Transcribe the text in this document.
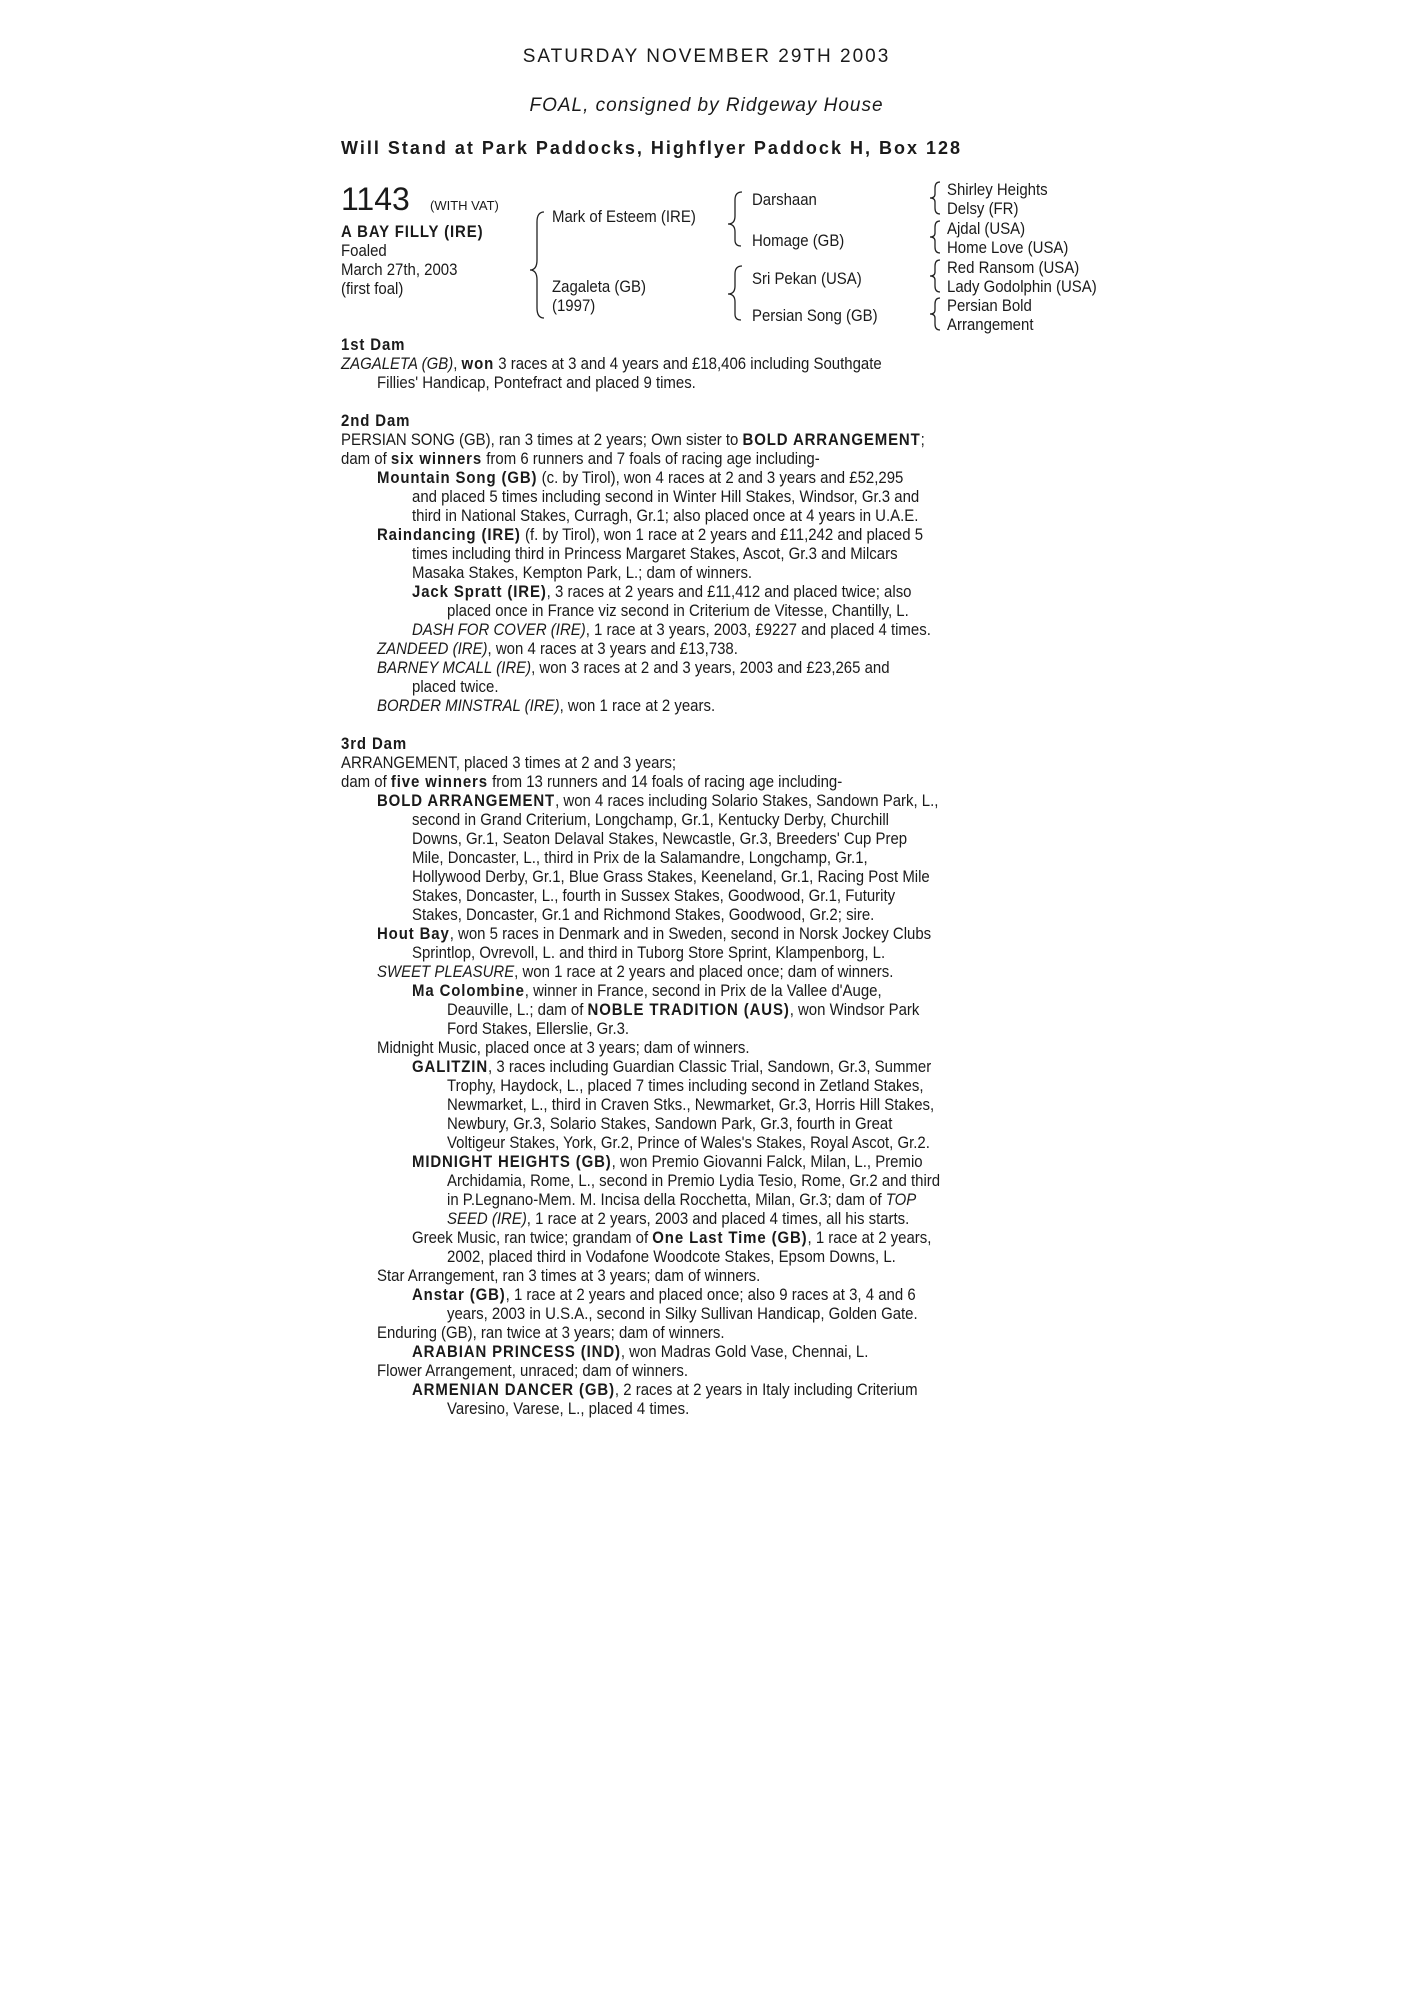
SATURDAY NOVEMBER 29TH 2003
FOAL, consigned by Ridgeway House
Will Stand at Park Paddocks, Highflyer Paddock H, Box 128
1143 (WITH VAT)
A BAY FILLY (IRE)
Foaled
March 27th, 2003
(first foal)
Mark of Esteem (IRE)
Zagaleta (GB)
(1997)
Darshaan
Homage (GB)
Sri Pekan (USA)
Persian Song (GB)
Shirley Heights
Delsy (FR)
Ajdal (USA)
Home Love (USA)
Red Ransom (USA)
Lady Godolphin (USA)
Persian Bold
Arrangement
1st Dam
ZAGALETA (GB), won 3 races at 3 and 4 years and £18,406 including Southgate
Fillies' Handicap, Pontefract and placed 9 times.
2nd Dam
PERSIAN SONG (GB), ran 3 times at 2 years; Own sister to BOLD ARRANGEMENT;
dam of six winners from 6 runners and 7 foals of racing age including-
Mountain Song (GB) (c. by Tirol), won 4 races at 2 and 3 years and £52,295
and placed 5 times including second in Winter Hill Stakes, Windsor, Gr.3 and
third in National Stakes, Curragh, Gr.1; also placed once at 4 years in U.A.E.
Raindancing (IRE) (f. by Tirol), won 1 race at 2 years and £11,242 and placed 5
times including third in Princess Margaret Stakes, Ascot, Gr.3 and Milcars
Masaka Stakes, Kempton Park, L.; dam of winners.
Jack Spratt (IRE), 3 races at 2 years and £11,412 and placed twice; also
placed once in France viz second in Criterium de Vitesse, Chantilly, L.
DASH FOR COVER (IRE), 1 race at 3 years, 2003, £9227 and placed 4 times.
ZANDEED (IRE), won 4 races at 3 years and £13,738.
BARNEY MCALL (IRE), won 3 races at 2 and 3 years, 2003 and £23,265 and
placed twice.
BORDER MINSTRAL (IRE), won 1 race at 2 years.
3rd Dam
ARRANGEMENT, placed 3 times at 2 and 3 years;
dam of five winners from 13 runners and 14 foals of racing age including-
BOLD ARRANGEMENT, won 4 races including Solario Stakes, Sandown Park, L.,
second in Grand Criterium, Longchamp, Gr.1, Kentucky Derby, Churchill
Downs, Gr.1, Seaton Delaval Stakes, Newcastle, Gr.3, Breeders' Cup Prep
Mile, Doncaster, L., third in Prix de la Salamandre, Longchamp, Gr.1,
Hollywood Derby, Gr.1, Blue Grass Stakes, Keeneland, Gr.1, Racing Post Mile
Stakes, Doncaster, L., fourth in Sussex Stakes, Goodwood, Gr.1, Futurity
Stakes, Doncaster, Gr.1 and Richmond Stakes, Goodwood, Gr.2; sire.
Hout Bay, won 5 races in Denmark and in Sweden, second in Norsk Jockey Clubs
Sprintlop, Ovrevoll, L. and third in Tuborg Store Sprint, Klampenborg, L.
SWEET PLEASURE, won 1 race at 2 years and placed once; dam of winners.
Ma Colombine, winner in France, second in Prix de la Vallee d'Auge,
Deauville, L.; dam of NOBLE TRADITION (AUS), won Windsor Park
Ford Stakes, Ellerslie, Gr.3.
Midnight Music, placed once at 3 years; dam of winners.
GALITZIN, 3 races including Guardian Classic Trial, Sandown, Gr.3, Summer
Trophy, Haydock, L., placed 7 times including second in Zetland Stakes,
Newmarket, L., third in Craven Stks., Newmarket, Gr.3, Horris Hill Stakes,
Newbury, Gr.3, Solario Stakes, Sandown Park, Gr.3, fourth in Great
Voltigeur Stakes, York, Gr.2, Prince of Wales's Stakes, Royal Ascot, Gr.2.
MIDNIGHT HEIGHTS (GB), won Premio Giovanni Falck, Milan, L., Premio
Archidamia, Rome, L., second in Premio Lydia Tesio, Rome, Gr.2 and third
in P.Legnano-Mem. M. Incisa della Rocchetta, Milan, Gr.3; dam of TOP
SEED (IRE), 1 race at 2 years, 2003 and placed 4 times, all his starts.
Greek Music, ran twice; grandam of One Last Time (GB), 1 race at 2 years,
2002, placed third in Vodafone Woodcote Stakes, Epsom Downs, L.
Star Arrangement, ran 3 times at 3 years; dam of winners.
Anstar (GB), 1 race at 2 years and placed once; also 9 races at 3, 4 and 6
years, 2003 in U.S.A., second in Silky Sullivan Handicap, Golden Gate.
Enduring (GB), ran twice at 3 years; dam of winners.
ARABIAN PRINCESS (IND), won Madras Gold Vase, Chennai, L.
Flower Arrangement, unraced; dam of winners.
ARMENIAN DANCER (GB), 2 races at 2 years in Italy including Criterium
Varesino, Varese, L., placed 4 times.
